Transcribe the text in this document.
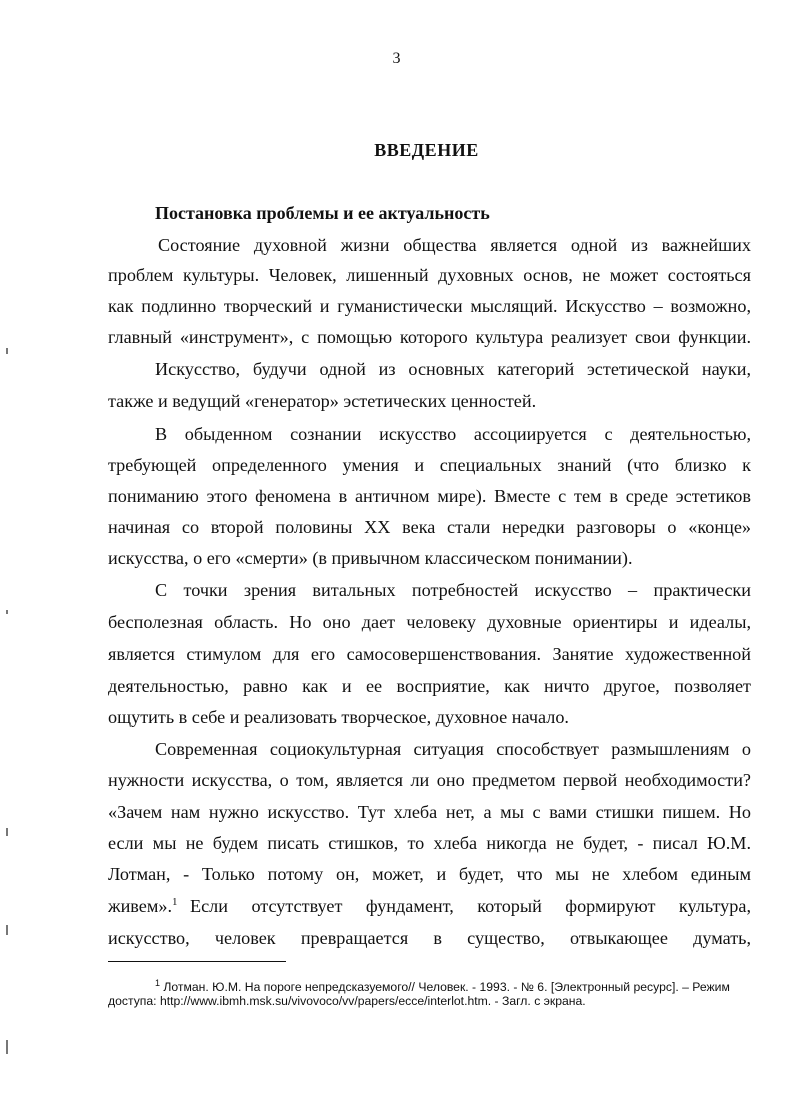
3
ВВЕДЕНИЕ
Постановка проблемы и ее актуальность
Состояние духовной жизни общества является одной из важнейших
проблем культуры. Человек, лишенный духовных основ, не может состояться
как подлинно творческий и гуманистически мыслящий. Искусство – возможно,
главный «инструмент», с помощью которого культура реализует свои функции.
Искусство, будучи одной из основных категорий эстетической науки,
также и ведущий «генератор» эстетических ценностей.
В обыденном сознании искусство ассоциируется с деятельностью,
требующей определенного умения и специальных знаний (что близко к
пониманию этого феномена в античном мире). Вместе с тем в среде эстетиков
начиная со второй половины XX века стали нередки разговоры о «конце»
искусства, о его «смерти» (в привычном классическом понимании).
С точки зрения витальных потребностей искусство – практически
бесполезная область. Но оно дает человеку духовные ориентиры и идеалы,
является стимулом для его самосовершенствования. Занятие художественной
деятельностью, равно как и ее восприятие, как ничто другое, позволяет
ощутить в себе и реализовать творческое, духовное начало.
Современная социокультурная ситуация способствует размышлениям о
нужности искусства, о том, является ли оно предметом первой необходимости?
«Зачем нам нужно искусство. Тут хлеба нет, а мы с вами стишки пишем. Но
если мы не будем писать стишков, то хлеба никогда не будет, - писал Ю.М.
Лотман, - Только потому он, может, и будет, что мы не хлебом единым
живем».$^1$ Если отсутствует фундамент, который формируют культура,
искусство, человек превращается в существо, отвыкающее думать,
$^1$ Лотман. Ю.М. На пороге непредсказуемого// Человек. - 1993. - № 6. [Электронный ресурс]. – Режим
доступа: http://www.ibmh.msk.su/vivovoco/vv/papers/ecce/interlot.htm. - Загл. с экрана.
